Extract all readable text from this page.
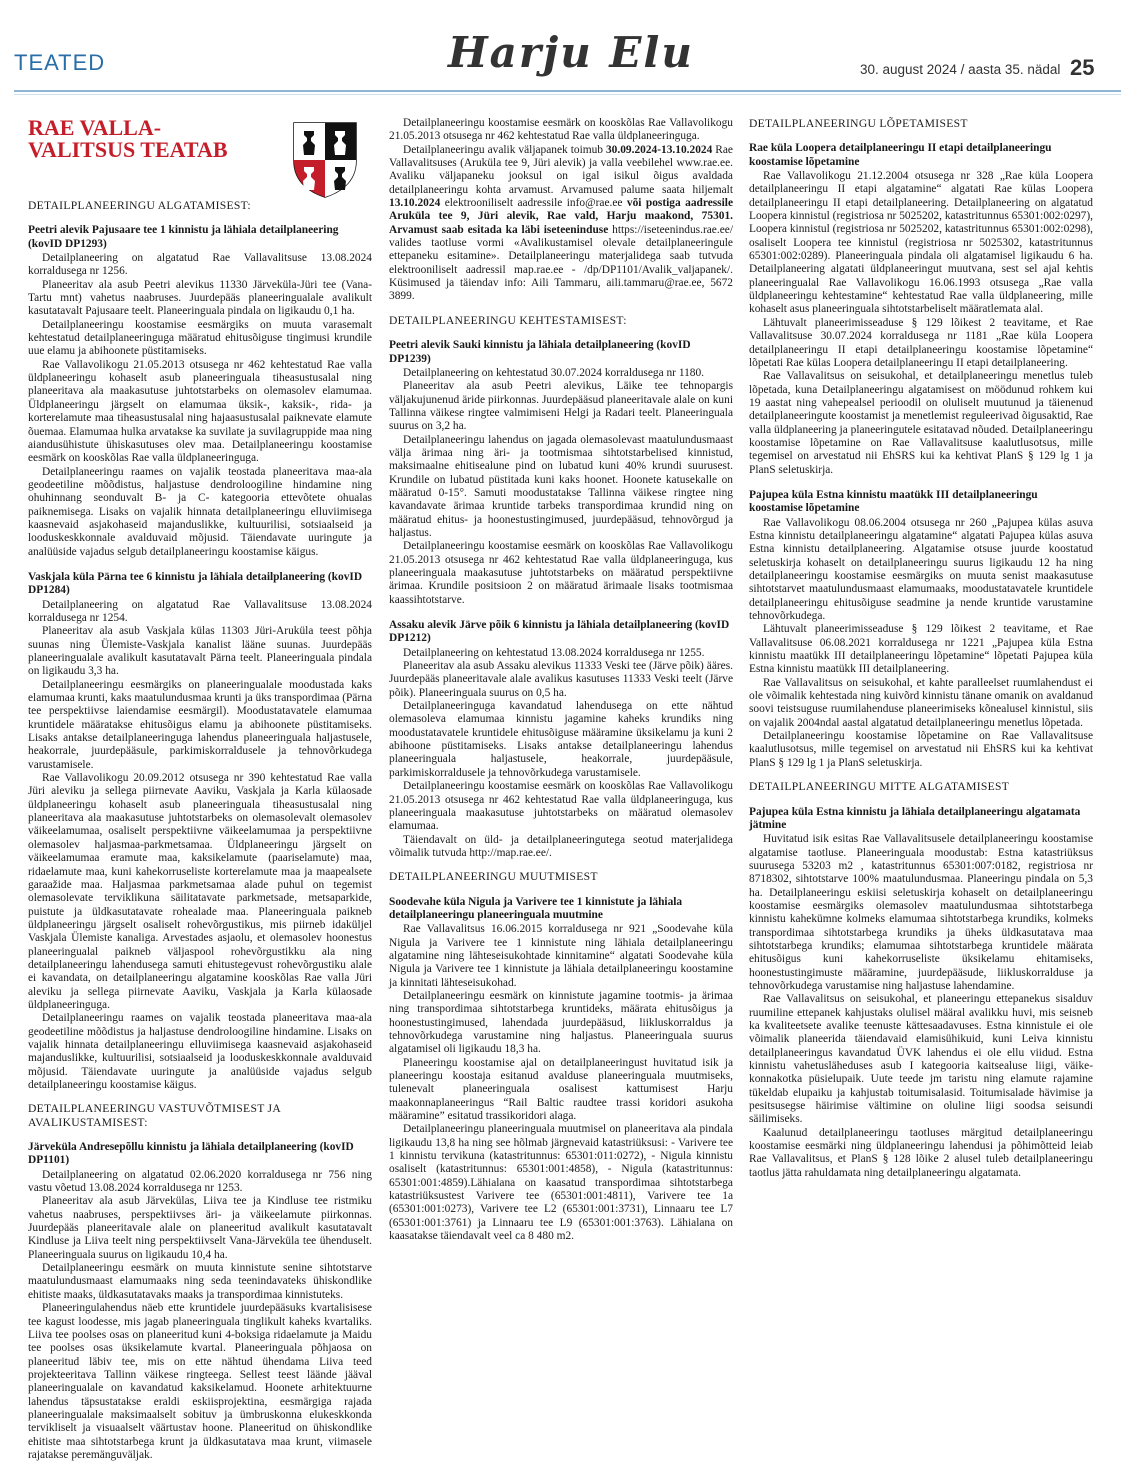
TEATED	Harju Elu	30. august 2024 / aasta 35. nädal 25
RAE VALLA-
VALITSUS TEATAB
DETAILPLANEERINGU ALGATAMISEST:
Peetri alevik Pajusaare tee 1 kinnistu ja lähiala detailplaneering (kovID DP1293)

Detailplaneering on algatatud Rae Vallavalitsuse 13.08.2024 korraldusega nr 1256.

Planeeritav ala asub Peetri alevikus 11330 Järveküla-Jüri tee (Vana-Tartu mnt) vahetus naabruses. Juurdepääs planeeringualale avalikult kasutatavalt Pajusaare teelt. Planeeringuala pindala on ligikaudu 0,1 ha.

Detailplaneeringu koostamise eesmärgiks on muuta varasemalt kehtestatud detailplaneeringuga määratud ehitusõiguse tingimusi krundile uue elamu ja abihoonete püstitamiseks.

Rae Vallavolikogu 21.05.2013 otsusega nr 462 kehtestatud Rae valla üldplaneeringu kohaselt asub planeeringuala tiheasustusalal ning planeeritava ala maakasutuse juhtotstarbeks on olemasolev elamumaa. Üldplaneeringu järgselt on elamumaa üksik-, kaksik-, rida- ja korterelamute maa tiheasustusalal ning hajaasustusalal paiknevate elamute õuemaa. Elamumaa hulka arvatakse ka suvilate ja suvilagruppide maa ning aiandusühistute ühiskasutuses olev maa. Detailplaneeringu koostamise eesmärk on kooskõlas Rae valla üldplaneeringuga.

Detailplaneeringu raames on vajalik teostada planeeritava maa-ala geodeetiline mõõdistus, haljastuse dendroloogiline hindamine ning ohuhinnang seonduvalt B- ja C- kategooria ettevõtete ohualas paiknemisega. Lisaks on vajalik hinnata detailplaneeringu elluviimisega kaasnevaid asjakohaseid majanduslikke, kultuurilisi, sotsiaalseid ja looduskeskkonnale avalduvaid mõjusid. Täiendavate uuringute ja analüüside vajadus selgub detailplaneeringu koostamise käigus.

Vaskjala küla Pärna tee 6 kinnistu ja lähiala detailplaneering (kovID DP1284)

Detailplaneering on algatatud Rae Vallavalitsuse 13.08.2024 korraldusega nr 1254.

Planeeritav ala asub Vaskjala külas 11303 Jüri-Aruküla teest põhja suunas ning Ülemiste-Vaskjala kanalist lääne suunas. Juurdepääs planeeringualale avalikult kasutatavalt Pärna teelt. Planeeringuala pindala on ligikaudu 3,3 ha.

Detailplaneeringu eesmärgiks on planeeringualale moodustada kaks elamumaa krunti, kaks maatulundusmaa krunti ja üks transpordimaa (Pärna tee perspektiivse laiendamise eesmärgil). Moodustatavatele elamumaa kruntidele määratakse ehitusõigus elamu ja abihoonete püstitamiseks. Lisaks antakse detailplaneeringuga lahendus planeeringuala haljastusele, heakorrale, juurdepääsule, parkimiskorraldusele ja tehnovõrkudega varustamisele.

Rae Vallavolikogu 20.09.2012 otsusega nr 390 kehtestatud Rae valla Jüri aleviku ja sellega piirnevate Aaviku, Vaskjala ja Karla külaosade üldplaneeringu kohaselt asub planeeringuala tiheasustusalal ning planeeritava ala maakasutuse juhtotstarbeks on olemasolevalt olemasolev väikeelamumaa, osaliselt perspektiivne väikeelamumaa ja perspektiivne olemasolev haljasmaa-parkmetsamaa. Üldplaneeringu järgselt on väikeelamumaa eramute maa, kaksikelamute (paariselamute) maa, ridaelamute maa, kuni kahekorruseliste korterelamute maa ja maapealsete garaažide maa. Haljasmaa parkmetsamaa alade puhul on tegemist olemasolevate terviklikuna säilitatavate parkmetsade, metsaparkide, puistute ja üldkasutatavate rohealade maa. Planeeringuala paikneb üldplaneeringu järgselt osaliselt rohevõrgustikus, mis piirneb idaküljel Vaskjala Ülemiste kanaliga. Arvestades asjaolu, et olemasolev hoonestus planeeringualal paikneb väljaspool rohevõrgustikku ala ning detailplaneeringu lahendusega samuti ehitustegevust rohevõrgustiku alale ei kavandata, on detailplaneeringu algatamine kooskõlas Rae valla Jüri aleviku ja sellega piirnevate Aaviku, Vaskjala ja Karla külaosade üldplaneeringuga.

Detailplaneeringu raames on vajalik teostada planeeritava maa-ala geodeetiline mõõdistus ja haljastuse dendroloogiline hindamine. Lisaks on vajalik hinnata detailplaneeringu elluviimisega kaasnevaid asjakohaseid majanduslikke, kultuurilisi, sotsiaalseid ja looduskeskkonnale avalduvaid mõjusid. Täiendavate uuringute ja analüüside vajadus selgub detailplaneeringu koostamise käigus.

DETAILPLANEERINGU VASTUVÕTMISEST JA AVALIKUSTAMISEST:
Järveküla Andresepõllu kinnistu ja lähiala detailplaneering (kovID DP1101)

Detailplaneering on algatatud 02.06.2020 korraldusega nr 756 ning vastu võetud 13.08.2024 korraldusega nr 1253.

Planeeritav ala asub Järvekülas, Liiva tee ja Kindluse tee ristmiku vahetus naabruses, perspektiivses äri- ja väikeelamute piirkonnas. Juurdepääs planeeritavale alale on planeeritud avalikult kasutatavalt Kindluse ja Liiva teelt ning perspektiivselt Vana-Järveküla tee ühenduselt. Planeeringuala suurus on ligikaudu 10,4 ha.

Detailplaneeringu eesmärk on muuta kinnistute senine sihtotstarve maatulundusmaast elamumaaks ning seda teenindavateks ühiskondlike ehitiste maaks, üldkasutatavaks maaks ja transpordimaa kinnistuteks.

Planeeringulahendus näeb ette kruntidele juurdepääsuks kvartalisisese tee kagust loodesse, mis jagab planeeringuala tinglikult kaheks kvartaliks. Liiva tee poolses osas on planeeritud kuni 4-boksiga ridaelamute ja Maidu tee poolses osas üksikelamute kvartal. Planeeringuala põhjaosa on planeeritud läbiv tee, mis on ette nähtud ühendama Liiva teed projekteeritava Tallinn väikese ringteega. Sellest teest läände jääval planeeringualale on kavandatud kaksikelamud. Hoonete arhitektuurne lahendus täpsustatakse eraldi eskiisprojektina, eesmärgiga rajada planeeringualale maksimaalselt sobituv ja ümbruskonna elukeskkonda tervikliselt ja visuaalselt väärtustav hoone. Planeeritud on ühiskondlike ehitiste maa sihtotstarbega krunt ja üldkasutatava maa krunt, viimasele rajatakse peremänguväljak.

Detailplaneeringu koostamise eesmärk on kooskõlas Rae Vallavolikogu 21.05.2013 otsusega nr 462 kehtestatud Rae valla üldplaneeringuga.

Detailplaneeringu avalik väljapanek toimub 30.09.2024-13.10.2024 Rae Vallavalitsuses (Aruküla tee 9, Jüri alevik) ja valla veebilehel www.rae.ee. Avaliku väljapaneku jooksul on igal isikul õigus avaldada detailplaneeringu kohta arvamust. Arvamused palume saata hiljemalt 13.10.2024 elektrooniliselt aadressile info@rae.ee või postiga aadressile Aruküla tee 9, Jüri alevik, Rae vald, Harju maakond, 75301. Arvamust saab esitada ka läbi iseteeninduse https://iseteenindus.rae.ee/ valides taotluse vormi «Avalikustamisel olevale detailplaneeringule ettepaneku esitamine». Detailplaneeringu materjalidega saab tutvuda elektrooniliselt aadressil map.rae.ee - /dp/DP1101/Avalik_valjapanek/. Küsimused ja täiendav info: Aili Tammaru, aili.tammaru@rae.ee, 5672 3899.

DETAILPLANEERINGU KEHTESTAMISEST:
Peetri alevik Sauki kinnistu ja lähiala detailplaneering (kovID DP1239)

Detailplaneering on kehtestatud 30.07.2024 korraldusega nr 1180.

Planeeritav ala asub Peetri alevikus, Läike tee tehnopargis väljakujunenud äride piirkonnas. Juurdepääsud planeeritavale alale on kuni Tallinna väikese ringtee valmimiseni Helgi ja Radari teelt. Planeeringuala suurus on 3,2 ha.

Detailplaneeringu lahendus on jagada olemasolevast maatulundusmaast välja ärimaa ning äri- ja tootmismaa sihtotstarbelised kinnistud, maksimaalne ehitisealune pind on lubatud kuni 40% krundi suurusest. Krundile on lubatud püstitada kuni kaks hoonet. Hoonete katusekalle on määratud 0-15°. Samuti moodustatakse Tallinna väikese ringtee ning kavandavate ärimaa kruntide tarbeks transpordimaa krundid ning on määratud ehitus- ja hoonestustingimused, juurdepääsud, tehnovõrgud ja haljastus.

Detailplaneeringu koostamise eesmärk on kooskõlas Rae Vallavolikogu 21.05.2013 otsusega nr 462 kehtestatud Rae valla üldplaneeringuga, kus planeeringuala maakasutuse juhtotstarbeks on määratud perspektiivne ärimaa. Krundile positsioon 2 on määratud ärimaale lisaks tootmismaa kaassihtotstarve.

Assaku alevik Järve põik 6 kinnistu ja lähiala detailplaneering (kovID DP1212)

Detailplaneering on kehtestatud 13.08.2024 korraldusega nr 1255.

Planeeritav ala asub Assaku alevikus 11333 Veski tee (Järve põik) ääres. Juurdepääs planeeritavale alale avalikus kasutuses 11333 Veski teelt (Järve põik). Planeeringuala suurus on 0,5 ha.

Detailplaneeringuga kavandatud lahendusega on ette nähtud olemasoleva elamumaa kinnistu jagamine kaheks krundiks ning moodustatavatele kruntidele ehitusõiguse määramine üksikelamu ja kuni 2 abihoone püstitamiseks. Lisaks antakse detailplaneeringu lahendus planeeringuala haljastusele, heakorrale, juurdepääsule, parkimiskorraldusele ja tehnovõrkudega varustamisele.

Detailplaneeringu koostamise eesmärk on kooskõlas Rae Vallavolikogu 21.05.2013 otsusega nr 462 kehtestatud Rae valla üldplaneeringuga, kus planeeringuala maakasutuse juhtotstarbeks on määratud olemasolev elamumaa.

Täiendavalt on üld- ja detailplaneeringutega seotud materjalidega võimalik tutvuda http://map.rae.ee/.

DETAILPLANEERINGU MUUTMISEST
Soodevahe küla Nigula ja Varivere tee 1 kinnistute ja lähiala detailplaneeringu planeeringuala muutmine

Rae Vallavalitsus 16.06.2015 korraldusega nr 921 „Soodevahe küla Nigula ja Varivere tee 1 kinnistute ning lähiala detailplaneeringu algatamine ning lähteseisukohtade kinnitamine“ algatati Soodevahe küla Nigula ja Varivere tee 1 kinnistute ja lähiala detailplaneeringu koostamine ja kinnitati lähteseisukohad.

Detailplaneeringu eesmärk on kinnistute jagamine tootmis- ja ärimaa ning transpordimaa sihtotstarbega kruntideks, määrata ehitusõigus ja hoonestustingimused, lahendada juurdepääsud, liikluskorraldus ja tehnovõrkudega varustamine ning haljastus. Planeeringuala suurus algatamisel oli ligikaudu 18,3 ha.

Planeeringu koostamise ajal on detailplaneeringust huvitatud isik ja planeeringu koostaja esitanud avalduse planeeringuala muutmiseks, tulenevalt planeeringuala osalisest kattumisest Harju maakonnaplaneeringus “Rail Baltic raudtee trassi koridori asukoha määramine” esitatud trassikoridori alaga.

Detailplaneeringu planeeringuala muutmisel on planeeritava ala pindala ligikaudu 13,8 ha ning see hõlmab järgnevaid katastriüksusi: - Varivere tee 1 kinnistu tervikuna (katastritunnus: 65301:011:0272), - Nigula kinnistu osaliselt (katastritunnus: 65301:001:4858), - Nigula (katastritunnus: 65301:001:4859).Lähialana on kaasatud transpordimaa sihtotstarbega katastriüksustest Varivere tee (65301:001:4811), Varivere tee 1a (65301:001:0273), Varivere tee L2 (65301:001:3731), Linnaaru tee L7 (65301:001:3761) ja Linnaaru tee L9 (65301:001:3763). Lähialana on kaasatakse täiendavalt veel ca 8 480 m2.

DETAILPLANEERINGU LÕPETAMISEST
Rae küla Loopera detailplaneeringu II etapi detailplaneeringu koostamise lõpetamine

Rae Vallavolikogu 21.12.2004 otsusega nr 328 „Rae küla Loopera detailplaneeringu II etapi algatamine“ algatati Rae külas Loopera detailplaneeringu II etapi detailplaneering. Detailplaneering on algatatud Loopera kinnistul (registriosa nr 5025202, katastritunnus 65301:002:0297), Loopera kinnistul (registriosa nr 5025202, katastritunnus 65301:002:0298), osaliselt Loopera tee kinnistul (registriosa nr 5025302, katastritunnus 65301:002:0289). Planeeringuala pindala oli algatamisel ligikaudu 6 ha. Detailplaneering algatati üldplaneeringut muutvana, sest sel ajal kehtis planeeringualal Rae Vallavolikogu 16.06.1993 otsusega „Rae valla üldplaneeringu kehtestamine“ kehtestatud Rae valla üldplaneering, mille kohaselt asus planeeringuala sihtotstarbeliselt määratlemata alal.

Lähtuvalt planeerimisseaduse § 129 lõikest 2 teavitame, et Rae Vallavalitsuse 30.07.2024 korraldusega nr 1181 „Rae küla Loopera detailplaneeringu II etapi detailplaneeringu koostamise lõpetamine“ lõpetati Rae külas Loopera detailplaneeringu II etapi detailplaneering.

Rae Vallavalitsus on seisukohal, et detailplaneeringu menetlus tuleb lõpetada, kuna Detailplaneeringu algatamisest on möödunud rohkem kui 19 aastat ning vahepealsel perioodil on oluliselt muutunud ja täienenud detailplaneeringute koostamist ja menetlemist reguleerivad õigusaktid, Rae valla üldplaneering ja planeeringutele esitatavad nõuded. Detailplaneeringu koostamise lõpetamine on Rae Vallavalitsuse kaalutlusotsus, mille tegemisel on arvestatud nii EhSRS kui ka kehtivat PlanS § 129 lg 1 ja PlanS seletuskirja.

Pajupea küla Estna kinnistu maatükk III detailplaneeringu koostamise lõpetamine

Rae Vallavolikogu 08.06.2004 otsusega nr 260 „Pajupea külas asuva Estna kinnistu detailplaneeringu algatamine“ algatati Pajupea külas asuva Estna kinnistu detailplaneering. Algatamise otsuse juurde koostatud seletuskirja kohaselt on detailplaneeringu suurus ligikaudu 12 ha ning detailplaneeringu koostamise eesmärgiks on muuta senist maakasutuse sihtotstarvet maatulundusmaast elamumaaks, moodustatavatele kruntidele detailplaneeringu ehitusõiguse seadmine ja nende kruntide varustamine tehnovõrkudega.

Lähtuvalt planeerimisseaduse § 129 lõikest 2 teavitame, et Rae Vallavalitsuse 06.08.2021 korraldusega nr 1221 „Pajupea küla Estna kinnistu maatükk III detailplaneeringu lõpetamine“ lõpetati Pajupea küla Estna kinnistu maatükk III detailplaneering.

Rae Vallavalitsus on seisukohal, et kahte paralleelset ruumlahendust ei ole võimalik kehtestada ning kuivõrd kinnistu tänane omanik on avaldanud soovi teistsuguse ruumilahenduse planeerimiseks kõnealusel kinnistul, siis on vajalik 2004ndal aastal algatatud detailplaneeringu menetlus lõpetada.

Detailplaneeringu koostamise lõpetamine on Rae Vallavalitsuse kaalutlusotsus, mille tegemisel on arvestatud nii EhSRS kui ka kehtivat PlanS § 129 lg 1 ja PlanS seletuskirja.

DETAILPLANEERINGU MITTE ALGATAMISEST
Pajupea küla Estna kinnistu ja lähiala detailplaneeringu algatamata jätmine

Huvitatud isik esitas Rae Vallavalitsusele detailplaneeringu koostamise algatamise taotluse. Planeeringuala moodustab: Estna katastriüksus suurusega 53203 m2 , katastritunnus 65301:007:0182, registriosa nr 8718302, sihtotstarve 100% maatulundusmaa. Planeeringu pindala on 5,3 ha. Detailplaneeringu eskiisi seletuskirja kohaselt on detailplaneeringu koostamise eesmärgiks olemasolev maatulundusmaa sihtotstarbega kinnistu kahekümne kolmeks elamumaa sihtotstarbega krundiks, kolmeks transpordimaa sihtotstarbega krundiks ja üheks üldkasutatava maa sihtotstarbega krundiks; elamumaa sihtotstarbega kruntidele määrata ehitusõigus kuni kahekorruseliste üksikelamu ehitamiseks, hoonestustingimuste määramine, juurdepääsude, liikluskorralduse ja tehnovõrkudega varustamise ning haljastuse lahendamine.

Rae Vallavalitsus on seisukohal, et planeeringu ettepanekus sisalduv ruumiline ettepanek kahjustaks olulisel määral avalikku huvi, mis seisneb ka kvaliteetsete avalike teenuste kättesaadavuses. Estna kinnistule ei ole võimalik planeerida täiendavaid elamisühikuid, kuni Leiva kinnistu detailplaneeringus kavandatud ÜVK lahendus ei ole ellu viidud. Estna kinnistu vahetusläheduses asub I kategooria kaitsealuse liigi, väike-konnakotka püsielupaik. Uute teede jm taristu ning elamute rajamine tükeldab elupaiku ja kahjustab toitumisalasid. Toitumisalade hävimise ja pesitsusegse häirimise vältimine on oluline liigi soodsa seisundi säilimiseks.

Kaalunud detailplaneeringu taotluses märgitud detailplaneeringu koostamise eesmärki ning üldplaneeringu lahendusi ja põhimõtteid leiab Rae Vallavalitsus, et PlanS § 128 lõike 2 alusel tuleb detailplaneeringu taotlus jätta rahuldamata ning detailplaneeringu algatamata.
